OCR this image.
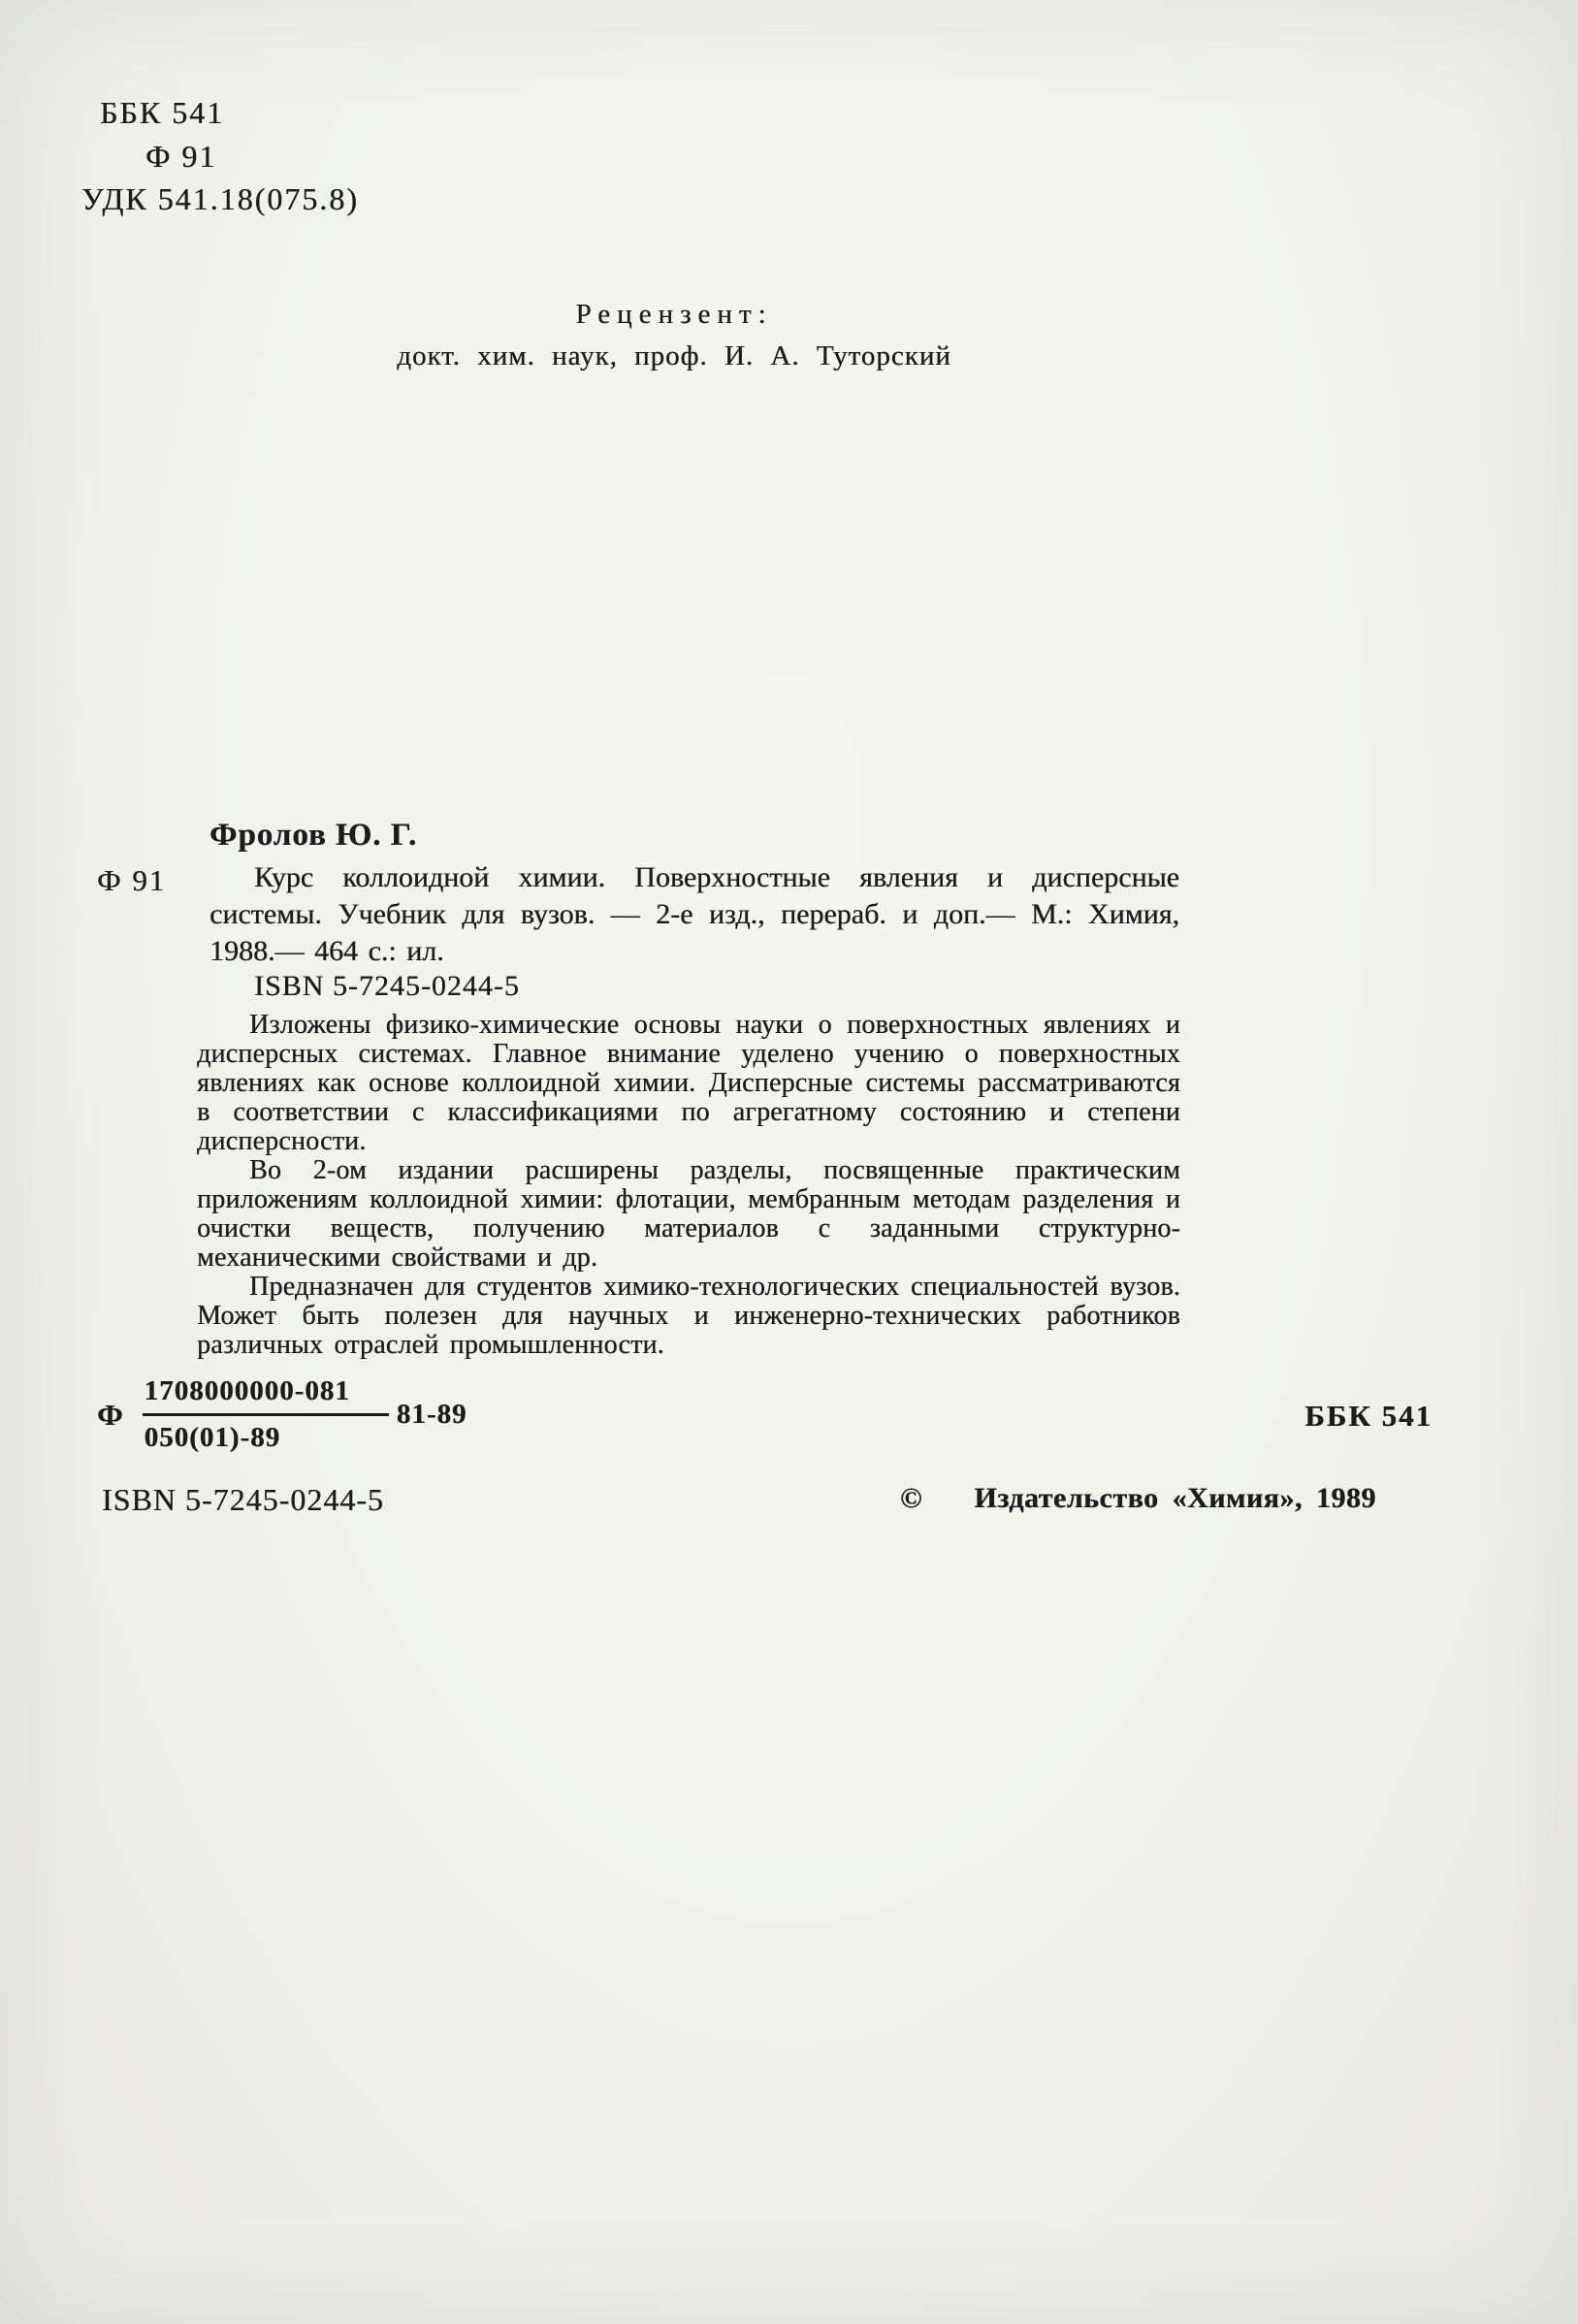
ББК 541
Ф 91
УДК 541.18(075.8)
Рецензент:
докт. хим. наук, проф. И. А. Туторский
Фролов Ю. Г.
Ф 91	Курс коллоидной химии. Поверхностные явления и дисперсные системы. Учебник для вузов. — 2-е изд., перераб. и доп.— М.: Химия, 1988.— 464 с.: ил.
ISBN 5-7245-0244-5

Изложены физико-химические основы науки о поверхностных явлениях и дисперсных системах. Главное внимание уделено учению о поверхностных явлениях как основе коллоидной химии. Дисперсные системы рассматриваются в соответствии с классификациями по агрегатному состоянию и степени дисперсности.

Во 2-ом издании расширены разделы, посвященные практическим приложениям коллоидной химии: флотации, мембранным методам разделения и очистки веществ, получению материалов с заданными структурно-механическими свойствами и др.

Предназначен для студентов химико-технологических специальностей вузов. Может быть полезен для научных и инженерно-технических работников различных отраслей промышленности.

Ф $\frac{1708000000-081}{050(01)-89} 81-89$	ББК 541
ISBN 5-7245-0244-5	© Издательство «Химия», 1989
